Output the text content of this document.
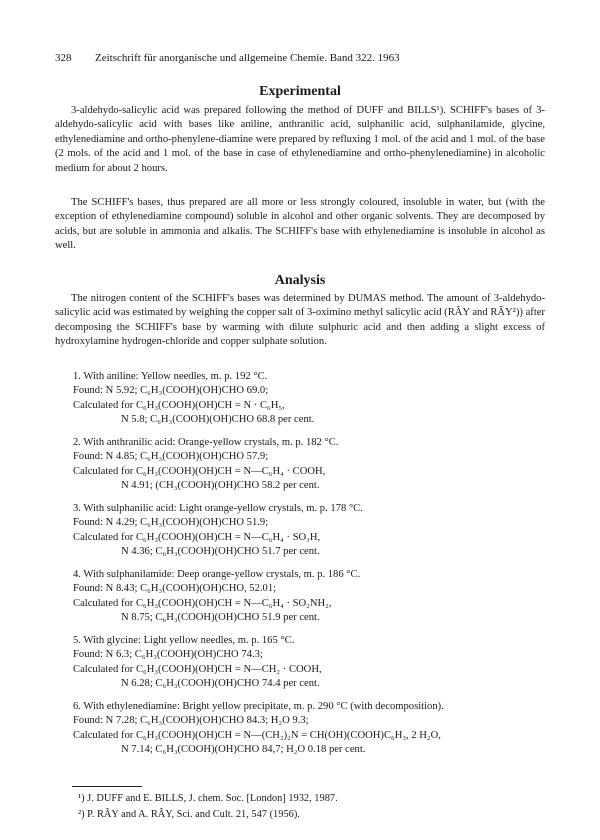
328 Zeitschrift für anorganische und allgemeine Chemie. Band 322. 1963
Experimental

3-aldehydo-salicylic acid was prepared following the method of DUFF and BILLS¹). SCHIFF's bases of 3-aldehydo-salicylic acid with bases like aniline, anthranilic acid, sulphanilic acid, sulphanilamide, glycine, ethylenediamine and ortho-phenylene-diamine were prepared by refluxing 1 mol. of the acid and 1 mol. of the base (2 mols. of the acid and 1 mol. of the base in case of ethylenediamine and ortho-phenylenediamine) in alcoholic medium for about 2 hours.

The SCHIFF's bases, thus prepared are all more or less strongly coloured, insoluble in water, but (with the exception of ethylenediamine compound) soluble in alcohol and other organic solvents. They are decomposed by acids, but are soluble in ammonia and alkalis. The SCHIFF's base with ethylenediamine is insoluble in alcohol as well.

Analysis

The nitrogen content of the SCHIFF's bases was determined by DUMAS method. The amount of 3-aldehydo-salicylic acid was estimated by weighing the copper salt of 3-oximino methyl salicylic acid (RÂY and RÂY²)) after decomposing the SCHIFF's base by warming with dilute sulphuric acid and then adding a slight excess of hydroxylamine hydrogen-chloride and copper sulphate solution.

1. With aniline: Yellow needles, m. p. 192 °C.
Found: N 5.92; C₆H₃(COOH)(OH)CHO 69.0;
Calculated for C₆H₃(COOH)(OH)CH = N · C₆H₅,
N 5.8; C₆H₃(COOH)(OH)CHO 68.8 per cent.
2. With anthranilic acid: Orange-yellow crystals, m. p. 182 °C.
Found: N 4.85; C₆H₃(COOH)(OH)CHO 57.9;
Calculated for C₆H₃(COOH)(OH)CH = N—C₆H₄ · COOH,
N 4.91; (CH₃(COOH)(OH)CHO 58.2 per cent.
3. With sulphanilic acid: Light orange-yellow crystals, m. p. 178 °C.
Found: N 4.29; C₆H₃(COOH)(OH)CHO 51.9;
Calculated for C₆H₃(COOH)(OH)CH = N—C₆H₄ · SO₃H,
N 4.36; C₆H₃(COOH)(OH)CHO 51.7 per cent.
4. With sulphanilamide: Deep orange-yellow crystals, m. p. 186 °C.
Found: N 8.43; C₆H₃(COOH)(OH)CHO, 52.01;
Calculated for C₆H₃(COOH)(OH)CH = N—C₆H₄ · SO₂NH₂,
N 8.75; C₆H₃(COOH)(OH)CHO 51.9 per cent.
5. With glycine: Light yellow needles, m. p. 165 °C.
Found: N 6.3; C₆H₃(COOH)(OH)CHO 74.3;
Calculated for C₆H₃(COOH)(OH)CH = N—CH₂ · COOH,
N 6.28; C₆H₃(COOH)(OH)CHO 74.4 per cent.
6. With ethylenediamine: Bright yellow precipitate, m. p. 290 °C (with decomposition).
Found: N 7.28; C₆H₃(COOH)(OH)CHO 84.3; H₂O 9.3;
Calculated for C₆H₃(COOH)(OH)CH = N—(CH₂)₂N = CH(OH)(COOH)C₆H₃, 2 H₂O,
N 7.14; C₆H₃(COOH)(OH)CHO 84,7; H₂O 0.18 per cent.
¹) J. DUFF and E. BILLS, J. chem. Soc. [London] 1932, 1987.
²) P. RÂY and A. RÂY, Sci. and Cult. 21, 547 (1956).
